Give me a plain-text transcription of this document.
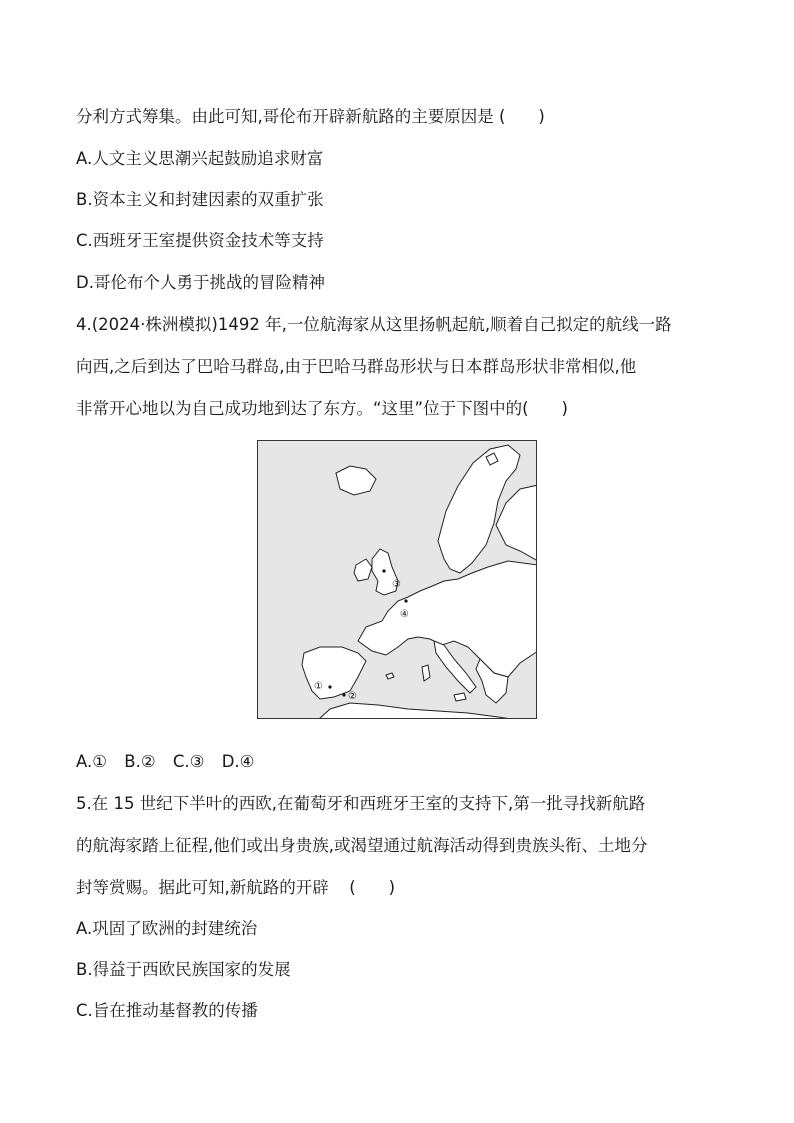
分利方式筹集。由此可知,哥伦布开辟新航路的主要原因是 (　　)
A.人文主义思潮兴起鼓励追求财富
B.资本主义和封建因素的双重扩张
C.西班牙王室提供资金技术等支持
D.哥伦布个人勇于挑战的冒险精神
4.(2024·株洲模拟)1492 年,一位航海家从这里扬帆起航,顺着自己拟定的航线一路
向西,之后到达了巴哈马群岛,由于巴哈马群岛形状与日本群岛形状非常相似,他
非常开心地以为自己成功地到达了东方。“这里”位于下图中的(　　)
①
②
③
④
A.① B.② C.③ D.④
5.在 15 世纪下半叶的西欧,在葡萄牙和西班牙王室的支持下,第一批寻找新航路
的航海家踏上征程,他们或出身贵族,或渴望通过航海活动得到贵族头衔、土地分
封等赏赐。据此可知,新航路的开辟 (　　)
A.巩固了欧洲的封建统治
B.得益于西欧民族国家的发展
C.旨在推动基督教的传播
